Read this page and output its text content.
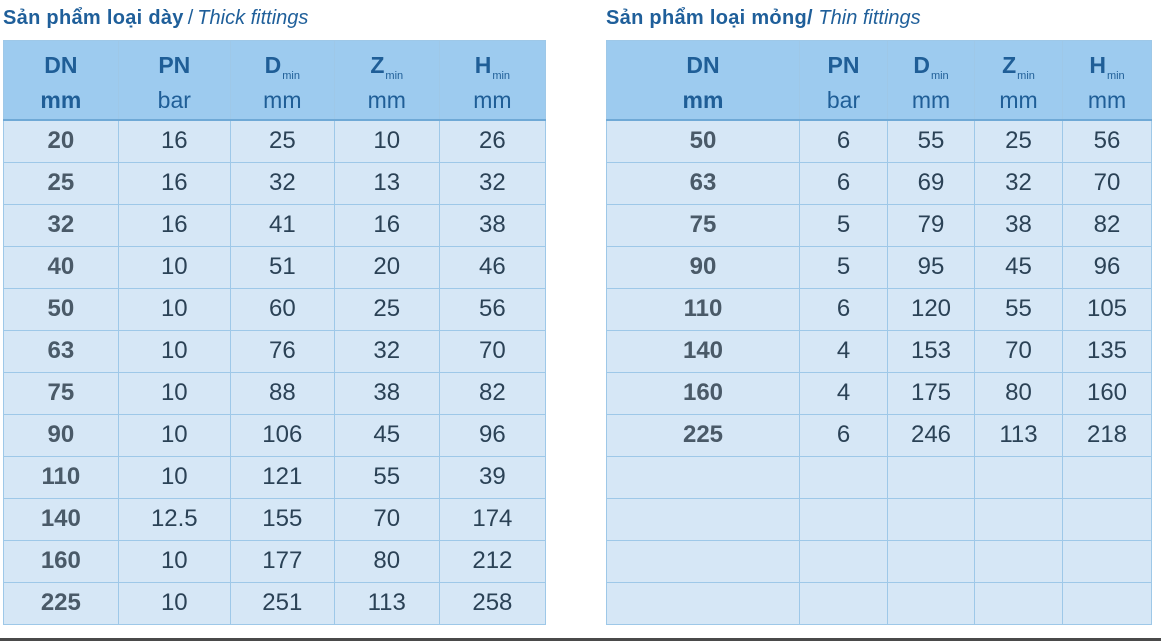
Sản phẩm loại dày / Thick fittings
DN	PN	$D_{min}$	$Z_{min}$	$H_{min}$
mm	bar	mm	mm	mm
20	16	25	10	26
25	16	32	13	32
32	16	41	16	38
40	10	51	20	46
50	10	60	25	56
63	10	76	32	70
75	10	88	38	82
90	10	106	45	96
110	10	121	55	39
140	12.5	155	70	174
160	10	177	80	212
225	10	251	113	258
Sản phẩm loại mỏng/ Thin fittings
DN	PN	$D_{min}$	$Z_{min}$	$H_{min}$
mm	bar	mm	mm	mm
50	6	55	25	56
63	6	69	32	70
75	5	79	38	82
90	5	95	45	96
110	6	120	55	105
140	4	153	70	135
160	4	175	80	160
225	6	246	113	218
